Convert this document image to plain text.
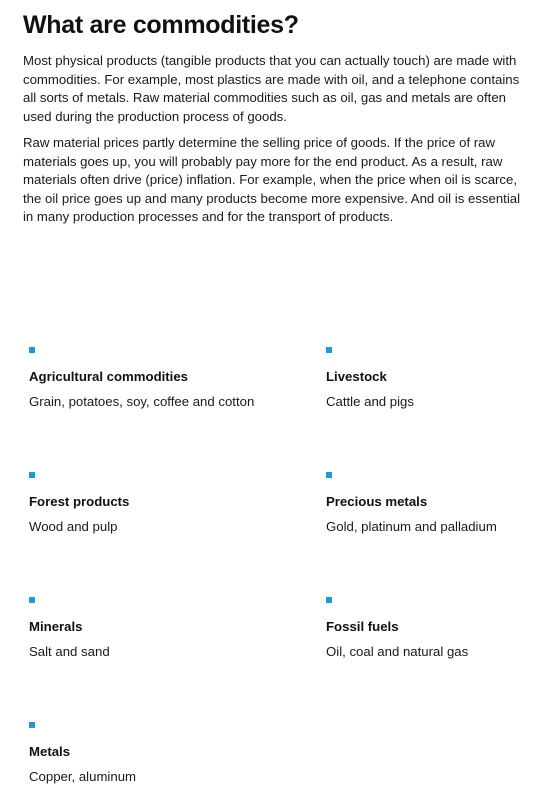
What are commodities?

Most physical products (tangible products that you can actually touch) are made with commodities. For example, most plastics are made with oil, and a telephone contains all sorts of metals. Raw material commodities such as oil, gas and metals are often used during the production process of goods.

Raw material prices partly determine the selling price of goods. If the price of raw materials goes up, you will probably pay more for the end product. As a result, raw materials often drive (price) inflation. For example, when the price when oil is scarce, the oil price goes up and many products become more expensive. And oil is essential in many production processes and for the transport of products.

Agricultural commodities
Grain, potatoes, soy, coffee and cotton
Livestock
Cattle and pigs
Forest products
Wood and pulp
Precious metals
Gold, platinum and palladium
Minerals
Salt and sand
Fossil fuels
Oil, coal and natural gas
Metals
Copper, aluminum
